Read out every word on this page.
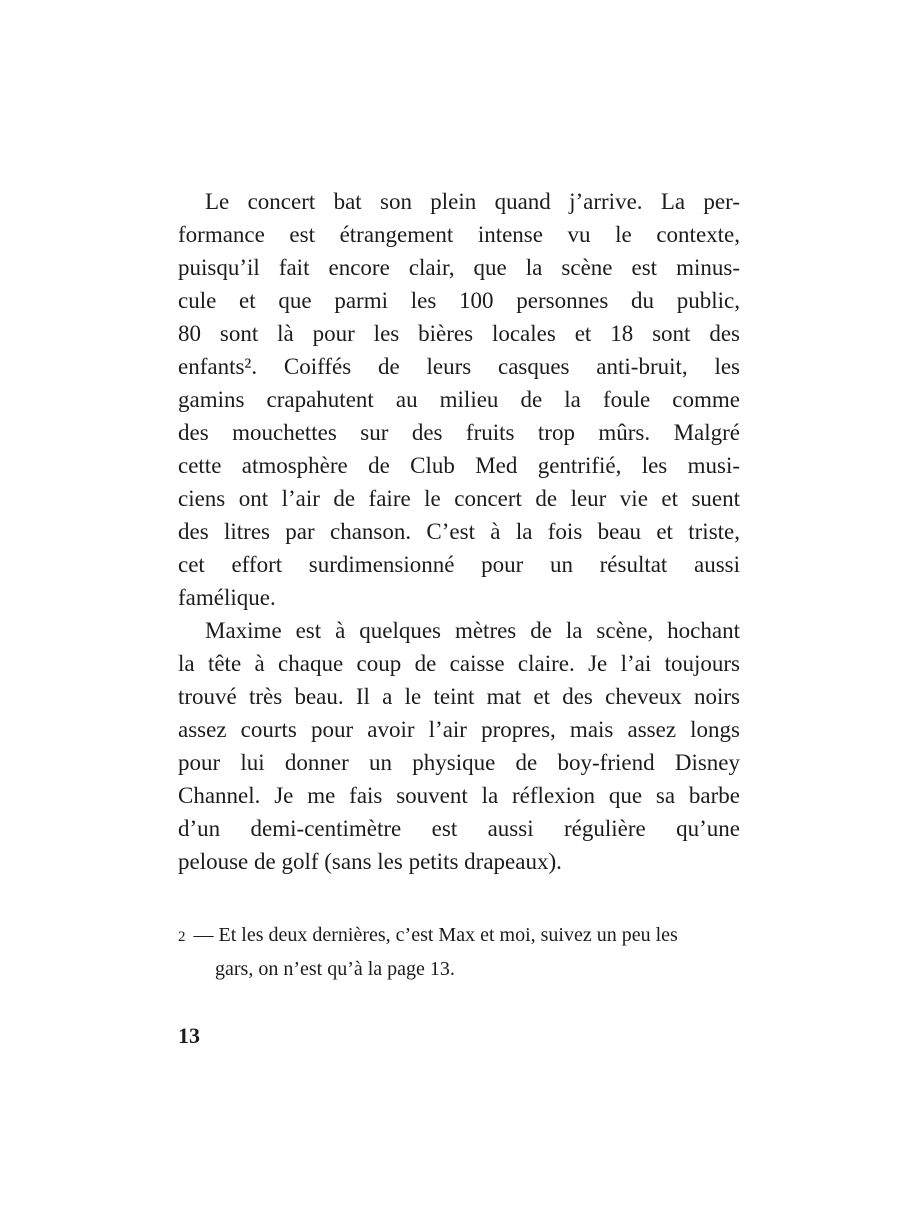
Le concert bat son plein quand j’arrive. La per-
formance est étrangement intense vu le contexte,
puisqu’il fait encore clair, que la scène est minus-
cule et que parmi les 100 personnes du public,
80 sont là pour les bières locales et 18 sont des
enfants². Coiffés de leurs casques anti-bruit, les
gamins crapahutent au milieu de la foule comme
des mouchettes sur des fruits trop mûrs. Malgré
cette atmosphère de Club Med gentrifié, les musi-
ciens ont l’air de faire le concert de leur vie et suent
des litres par chanson. C’est à la fois beau et triste,
cet effort surdimensionné pour un résultat aussi
famélique.
Maxime est à quelques mètres de la scène, hochant
la tête à chaque coup de caisse claire. Je l’ai toujours
trouvé très beau. Il a le teint mat et des cheveux noirs
assez courts pour avoir l’air propres, mais assez longs
pour lui donner un physique de boy-friend Disney
Channel. Je me fais souvent la réflexion que sa barbe
d’un demi-centimètre est aussi régulière qu’une
pelouse de golf (sans les petits drapeaux).
2 — Et les deux dernières, c’est Max et moi, suivez un peu les
gars, on n’est qu’à la page 13.
13
